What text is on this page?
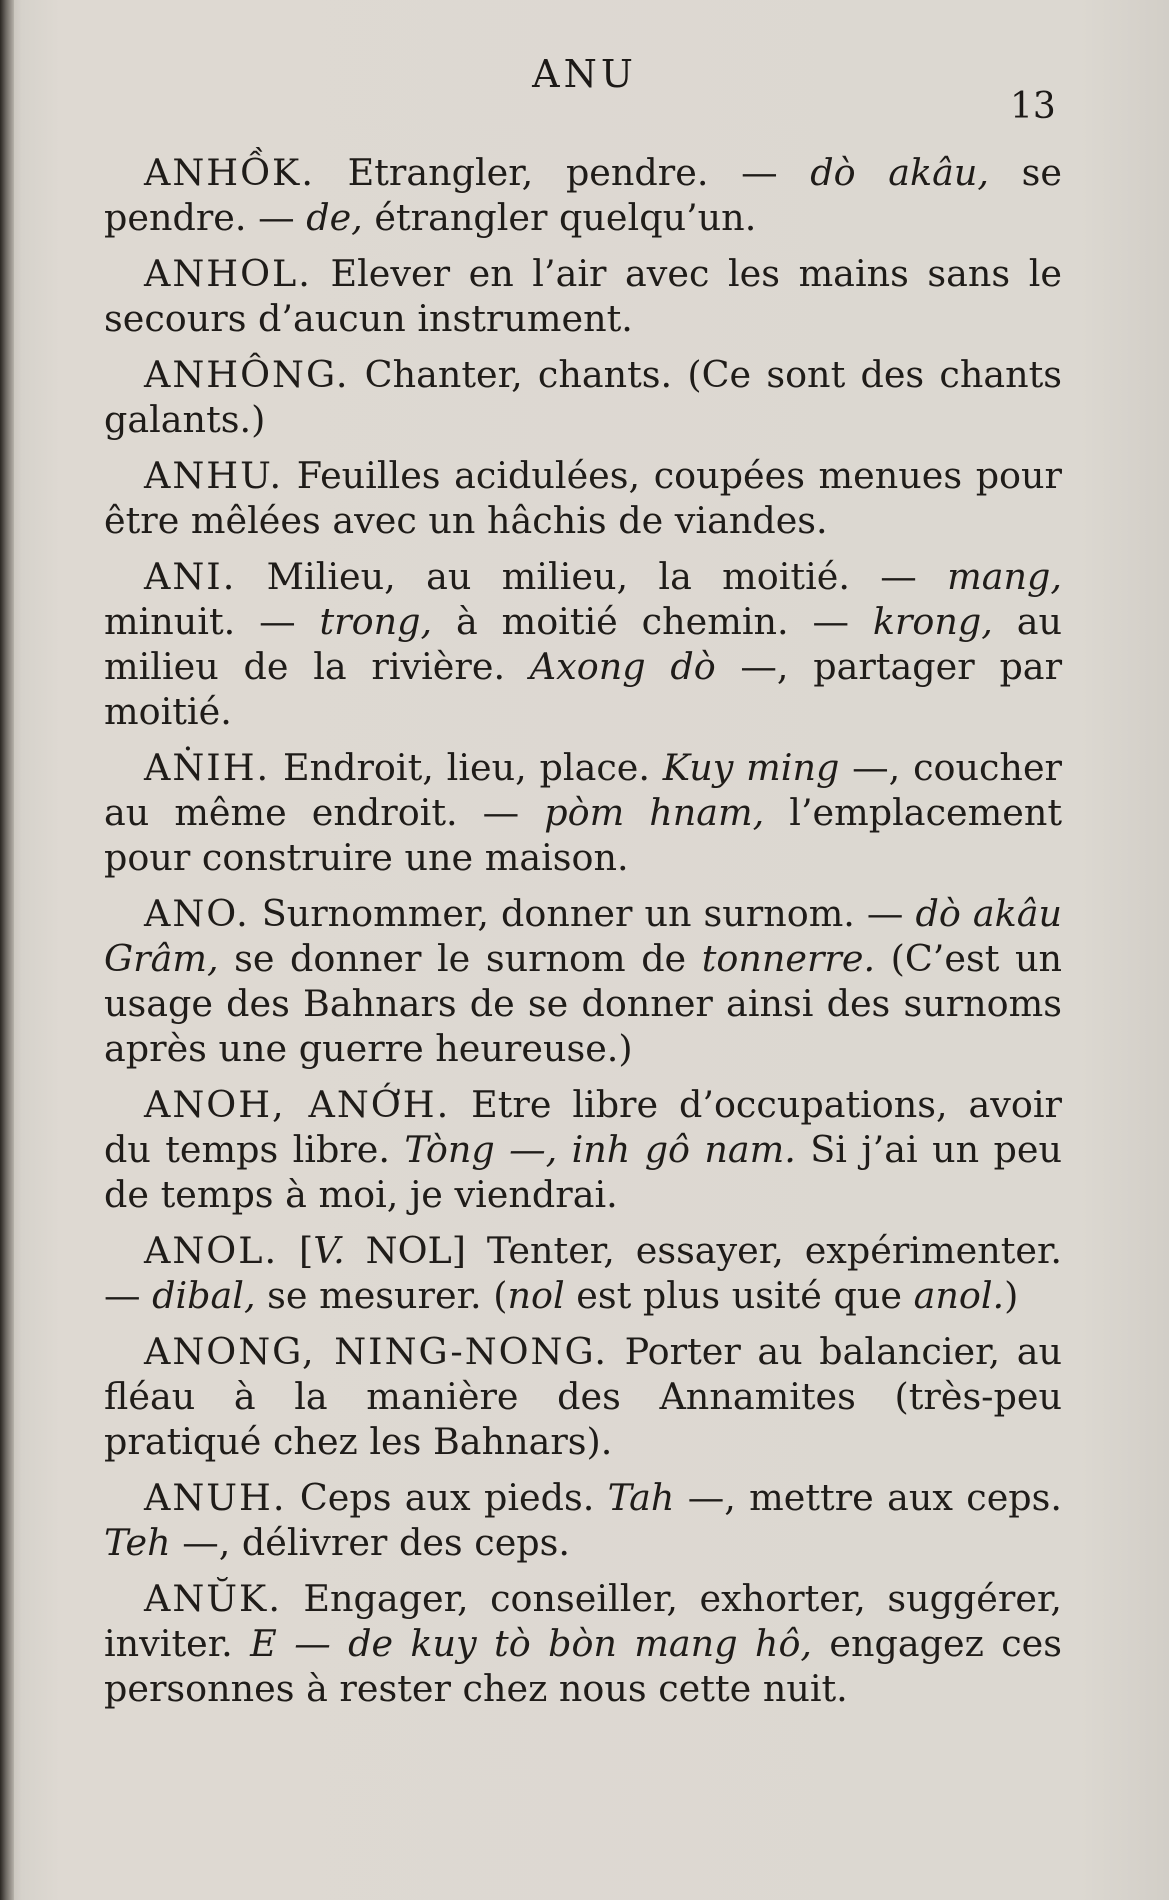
ANU
13

ANHỒK. Etrangler, pendre. — dò akâu, se pendre. — de, étrangler quelqu’un.

ANHOL. Elever en l’air avec les mains sans le secours d’aucun instrument.

ANHÔNG. Chanter, chants. (Ce sont des chants galants.)

ANHU. Feuilles acidulées, coupées menues pour être mêlées avec un hâchis de viandes.

ANI. Milieu, au milieu, la moitié. — mang, minuit. — trong, à moitié chemin. — krong, au milieu de la rivière. Axong dò —, partager par moitié.

AṄIH. Endroit, lieu, place. Kuy ming —, coucher au même endroit. — pòm hnam, l’emplacement pour construire une maison.

ANO. Surnommer, donner un surnom. — dò akâu Grâm, se donner le surnom de tonnerre. (C’est un usage des Bahnars de se donner ainsi des surnoms après une guerre heureuse.)

ANOH, ANỚH. Etre libre d’occupations, avoir du temps libre. Tòng —, inh gô nam. Si j’ai un peu de temps à moi, je viendrai.

ANOL. [V. NOL] Tenter, essayer, expérimenter. — dibal, se mesurer. (nol est plus usité que anol.)

ANONG, NING-NONG. Porter au balancier, au fléau à la manière des Annamites (très-peu pratiqué chez les Bahnars).

ANUH. Ceps aux pieds. Tah —, mettre aux ceps. Teh —, délivrer des ceps.

ANŬK. Engager, conseiller, exhorter, suggérer, inviter. E — de kuy tò bòn mang hô, engagez ces personnes à rester chez nous cette nuit.
